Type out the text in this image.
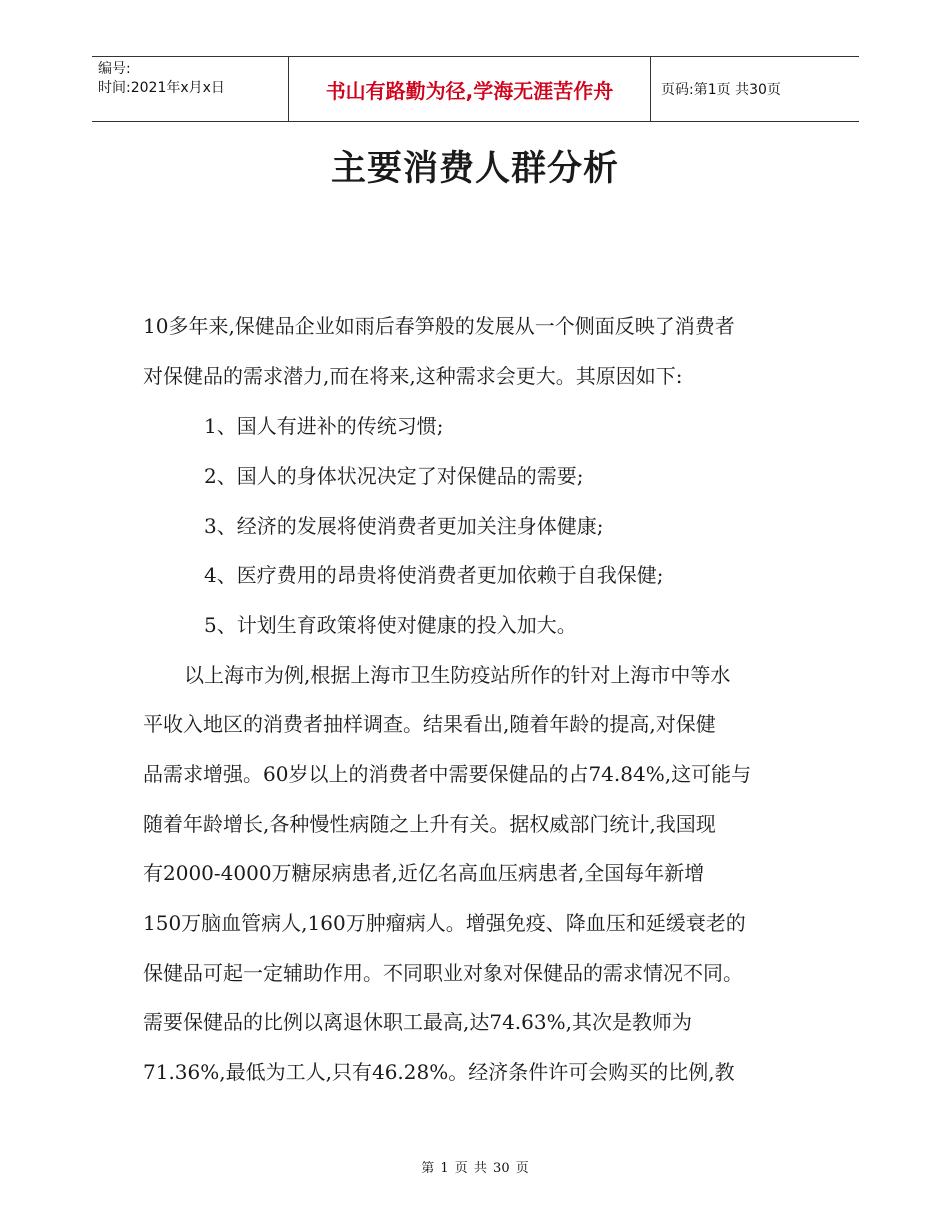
编号:
时间:2021年x月x日	书山有路勤为径,学海无涯苦作舟	页码:第1页 共30页
主要消费人群分析
10多年来,保健品企业如雨后春笋般的发展从一个侧面反映了消费者
对保健品的需求潜力,而在将来,这种需求会更大。其原因如下:
1、国人有进补的传统习惯;
2、国人的身体状况决定了对保健品的需要;
3、经济的发展将使消费者更加关注身体健康;
4、医疗费用的昂贵将使消费者更加依赖于自我保健;
5、计划生育政策将使对健康的投入加大。
以上海市为例,根据上海市卫生防疫站所作的针对上海市中等水
平收入地区的消费者抽样调查。结果看出,随着年龄的提高,对保健
品需求增强。60岁以上的消费者中需要保健品的占74.84%,这可能与
随着年龄增长,各种慢性病随之上升有关。据权威部门统计,我国现
有2000-4000万糖尿病患者,近亿名高血压病患者,全国每年新增
150万脑血管病人,160万肿瘤病人。增强免疫、降血压和延缓衰老的
保健品可起一定辅助作用。不同职业对象对保健品的需求情况不同。
需要保健品的比例以离退休职工最高,达74.63%,其次是教师为
71.36%,最低为工人,只有46.28%。经济条件许可会购买的比例,教
第 1 页 共 30 页
